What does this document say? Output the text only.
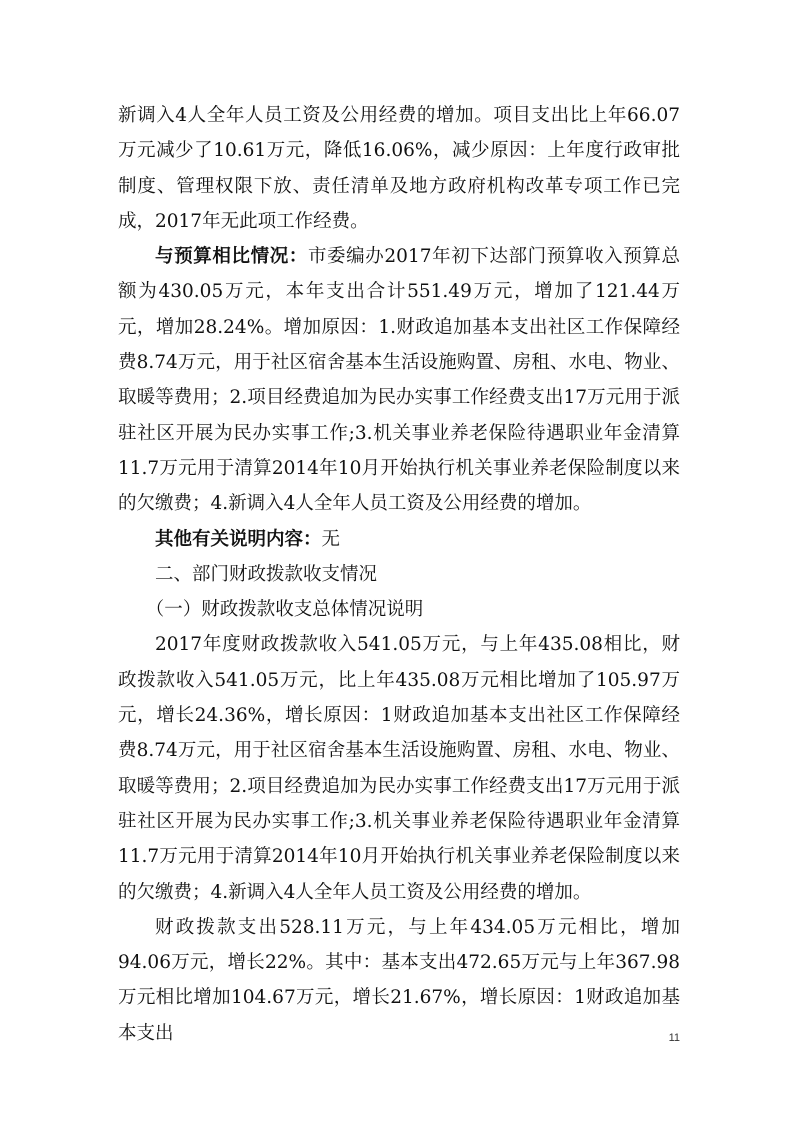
新调入4人全年人员工资及公用经费的增加。项目支出比上年66.07万元减少了10.61万元，降低16.06%，减少原因：上年度行政审批制度、管理权限下放、责任清单及地方政府机构改革专项工作已完成，2017年无此项工作经费。

与预算相比情况：市委编办2017年初下达部门预算收入预算总额为430.05万元，本年支出合计551.49万元，增加了121.44万元，增加28.24%。增加原因：1.财政追加基本支出社区工作保障经费8.74万元，用于社区宿舍基本生活设施购置、房租、水电、物业、取暖等费用；2.项目经费追加为民办实事工作经费支出17万元用于派驻社区开展为民办实事工作;3.机关事业养老保险待遇职业年金清算11.7万元用于清算2014年10月开始执行机关事业养老保险制度以来的欠缴费；4.新调入4人全年人员工资及公用经费的增加。

其他有关说明内容：无

二、部门财政拨款收支情况

（一）财政拨款收支总体情况说明

2017年度财政拨款收入541.05万元，与上年435.08相比，财政拨款收入541.05万元，比上年435.08万元相比增加了105.97万元，增长24.36%，增长原因：1财政追加基本支出社区工作保障经费8.74万元，用于社区宿舍基本生活设施购置、房租、水电、物业、取暖等费用；2.项目经费追加为民办实事工作经费支出17万元用于派驻社区开展为民办实事工作;3.机关事业养老保险待遇职业年金清算11.7万元用于清算2014年10月开始执行机关事业养老保险制度以来的欠缴费；4.新调入4人全年人员工资及公用经费的增加。

财政拨款支出528.11万元，与上年434.05万元相比，增加94.06万元，增长22%。其中：基本支出472.65万元与上年367.98万元相比增加104.67万元，增长21.67%，增长原因：1财政追加基本支出	11
